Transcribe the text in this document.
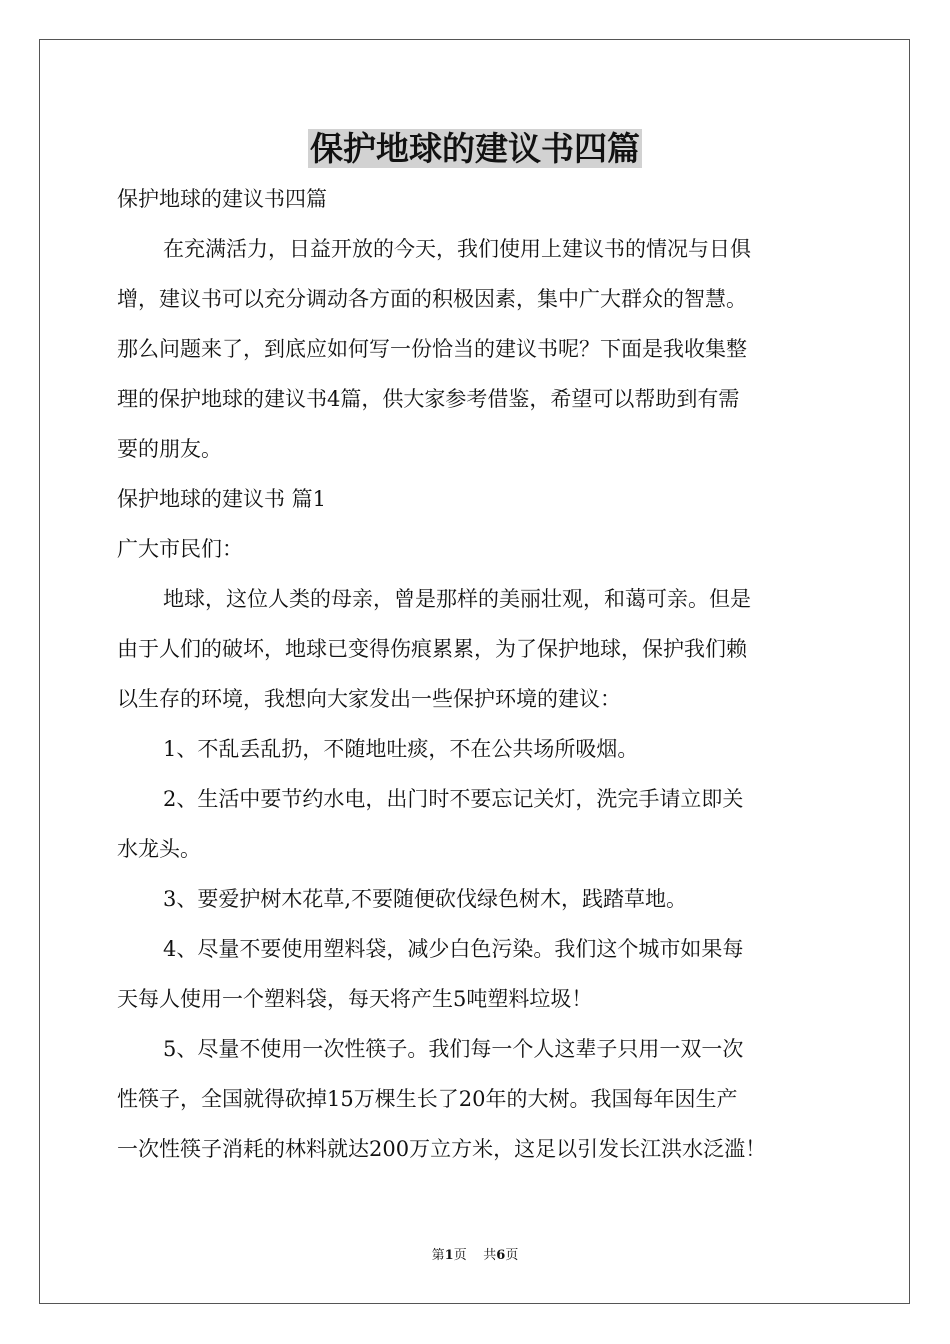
保护地球的建议书四篇
保护地球的建议书四篇
在充满活力，日益开放的今天，我们使用上建议书的情况与日俱
增，建议书可以充分调动各方面的积极因素，集中广大群众的智慧。
那么问题来了，到底应如何写一份恰当的建议书呢？下面是我收集整
理的保护地球的建议书4篇，供大家参考借鉴，希望可以帮助到有需
要的朋友。
保护地球的建议书 篇1
广大市民们：
地球，这位人类的母亲，曾是那样的美丽壮观，和蔼可亲。但是
由于人们的破坏，地球已变得伤痕累累，为了保护地球，保护我们赖
以生存的环境，我想向大家发出一些保护环境的建议：
1、不乱丢乱扔，不随地吐痰，不在公共场所吸烟。
2、生活中要节约水电，出门时不要忘记关灯，洗完手请立即关
水龙头。
3、要爱护树木花草,不要随便砍伐绿色树木，践踏草地。
4、尽量不要使用塑料袋，减少白色污染。我们这个城市如果每
天每人使用一个塑料袋，每天将产生5吨塑料垃圾！
5、尽量不使用一次性筷子。我们每一个人这辈子只用一双一次
性筷子，全国就得砍掉15万棵生长了20年的大树。我国每年因生产
一次性筷子消耗的林料就达200万立方米，这足以引发长江洪水泛滥！
第1页 共6页
